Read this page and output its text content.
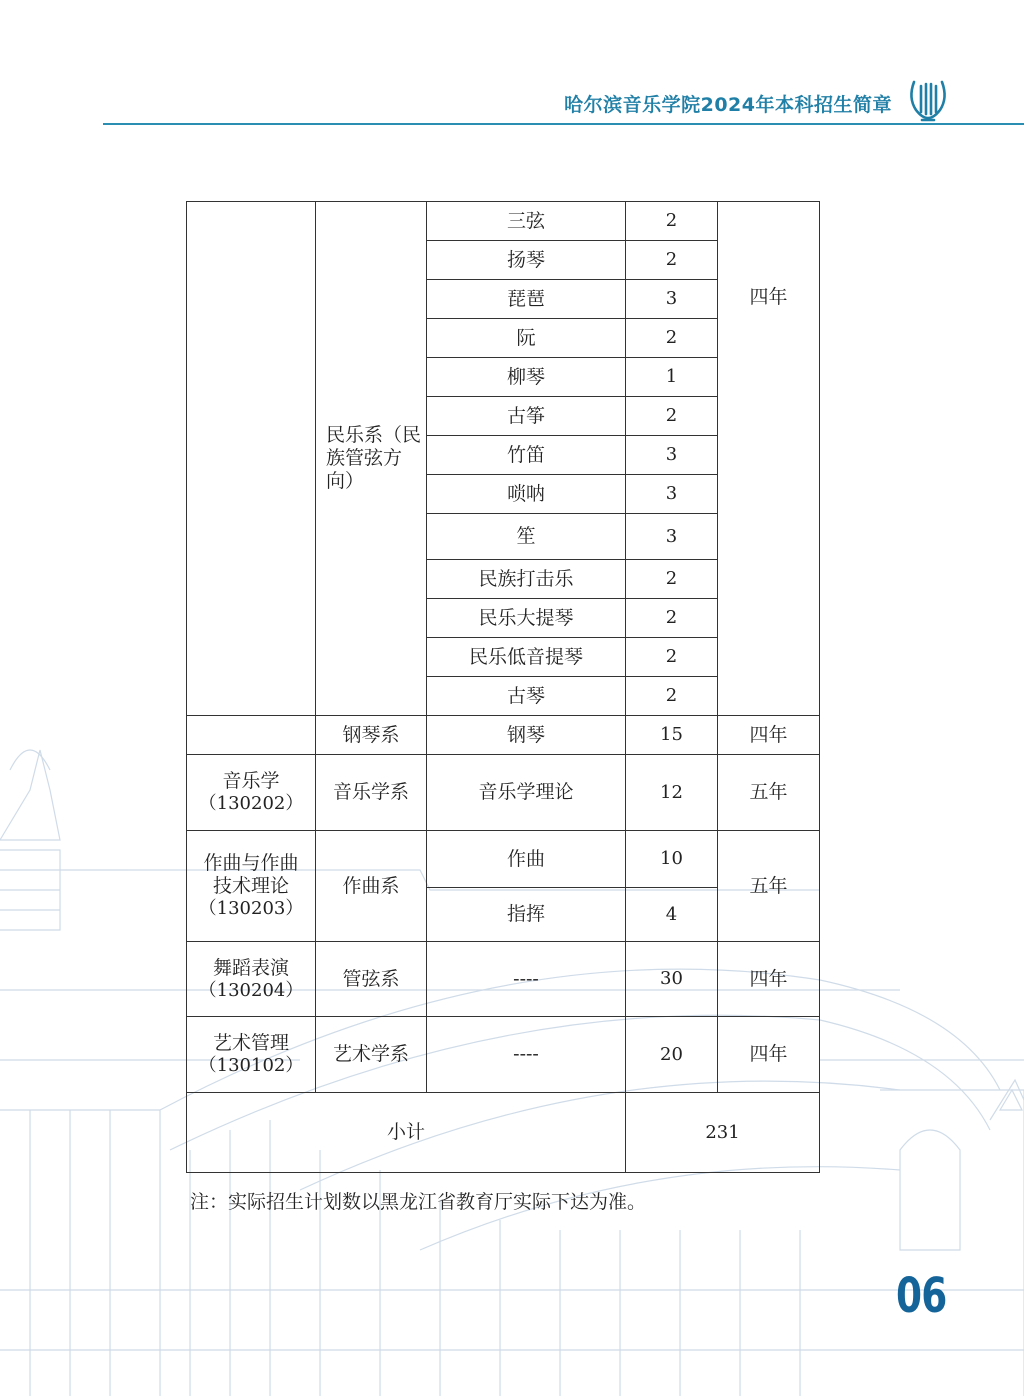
哈尔滨音乐学院2024年本科招生简章
	民乐系（民族管弦方向）	三弦	2	四年
		扬琴	2	
		琵琶	3	
		阮	2	
		柳琴	1	
		古筝	2	
		竹笛	3	
		唢呐	3	
		笙	3	
		民族打击乐	2	
		民乐大提琴	2	
		民乐低音提琴	2	
		古琴	2	
	钢琴系	钢琴	15	四年

音乐学
（130202）	音乐学系	音乐学理论	12	五年

作曲与作曲技术理论
（130203）	作曲系	作曲	10	五年
		指挥	4	

舞蹈表演
（130204）	管弦系	----	30	四年

艺术管理
（130102）	艺术学系	----	20	四年
小计			231	
注：实际招生计划数以黑龙江省教育厅实际下达为准。
06
